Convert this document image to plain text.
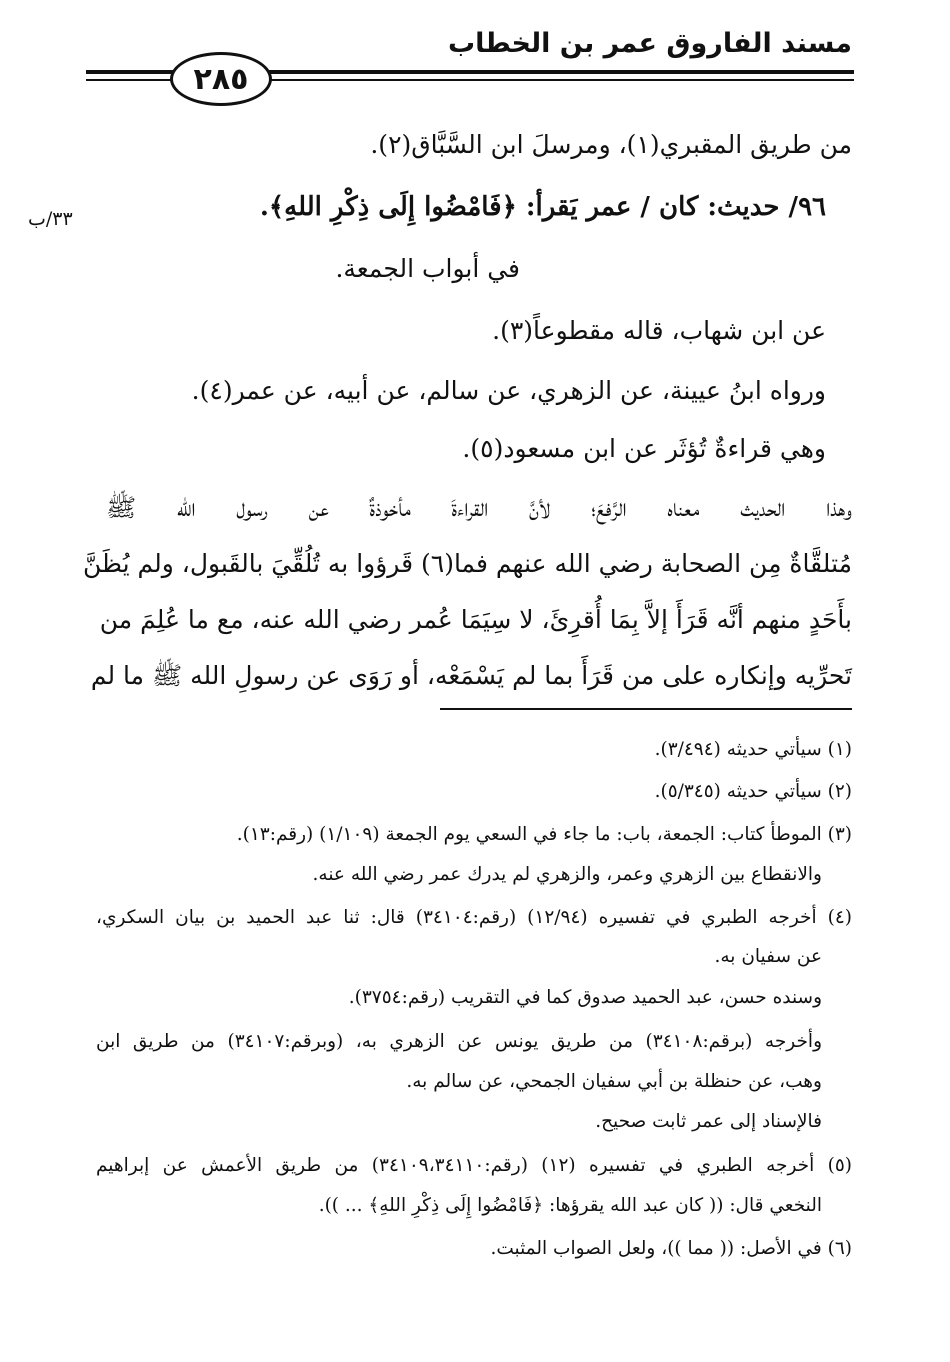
مسند الفاروق عمر بن الخطاب
٢٨٥
٣٣/ب
من طريق المقبري(١)، ومرسلَ ابن السَّبَّاق(٢).
٩٦/ حديث: كان / عمر يَقرأ: ﴿فَامْضُوا إِلَى ذِكْرِ اللهِ﴾.
في أبواب الجمعة.
عن ابن شهاب، قاله مقطوعاً(٣).
ورواه ابنُ عيينة، عن الزهري، عن سالم، عن أبيه، عن عمر(٤).
وهي قراءةٌ تُؤثَر عن ابن مسعود(٥).
وهذا الحديث معناه الرَّفعَ؛ لأنَّ القراءةَ مأخوذةٌ عن رسول الله ﷺ
مُتلقَّاةٌ مِن الصحابة رضي الله عنهم فما(٦) قَرؤوا به تُلُقِّيَ بالقَبول، ولم يُظَنَّ
بأَحَدٍ منهم أنَّه قَرَأَ إلاَّ بِمَا أُقرِئَ، لا سِيَمَا عُمر رضي الله عنه، مع ما عُلِمَ من
تَحرِّيه وإنكاره على من قَرَأَ بما لم يَسْمَعْه، أو رَوَى عن رسولِ الله ﷺ ما لم
(١) سيأتي حديثه (٣/٤٩٤).
(٢) سيأتي حديثه (٥/٣٤٥).
(٣) الموطأ كتاب: الجمعة، باب: ما جاء في السعي يوم الجمعة (١/١٠٩) (رقم:١٣).
والانقطاع بين الزهري وعمر، والزهري لم يدرك عمر رضي الله عنه.
(٤) أخرجه الطبري في تفسيره (١٢/٩٤) (رقم:٣٤١٠٤) قال: ثنا عبد الحميد بن بيان السكري،
عن سفيان به.
وسنده حسن، عبد الحميد صدوق كما في التقريب (رقم:٣٧٥٤).
وأخرجه (برقم:٣٤١٠٨) من طريق يونس عن الزهري به، (وبرقم:٣٤١٠٧) من طريق ابن
وهب، عن حنظلة بن أبي سفيان الجمحي، عن سالم به.
فالإسناد إلى عمر ثابت صحيح.
(٥) أخرجه الطبري في تفسيره (١٢) (رقم:٣٤١٠٩،٣٤١١٠) من طريق الأعمش عن إبراهيم
النخعي قال: (( كان عبد الله يقرؤها: ﴿فَامْضُوا إِلَى ذِكْرِ اللهِ﴾ ... )).
(٦) في الأصل: (( مما ))، ولعل الصواب المثبت.
